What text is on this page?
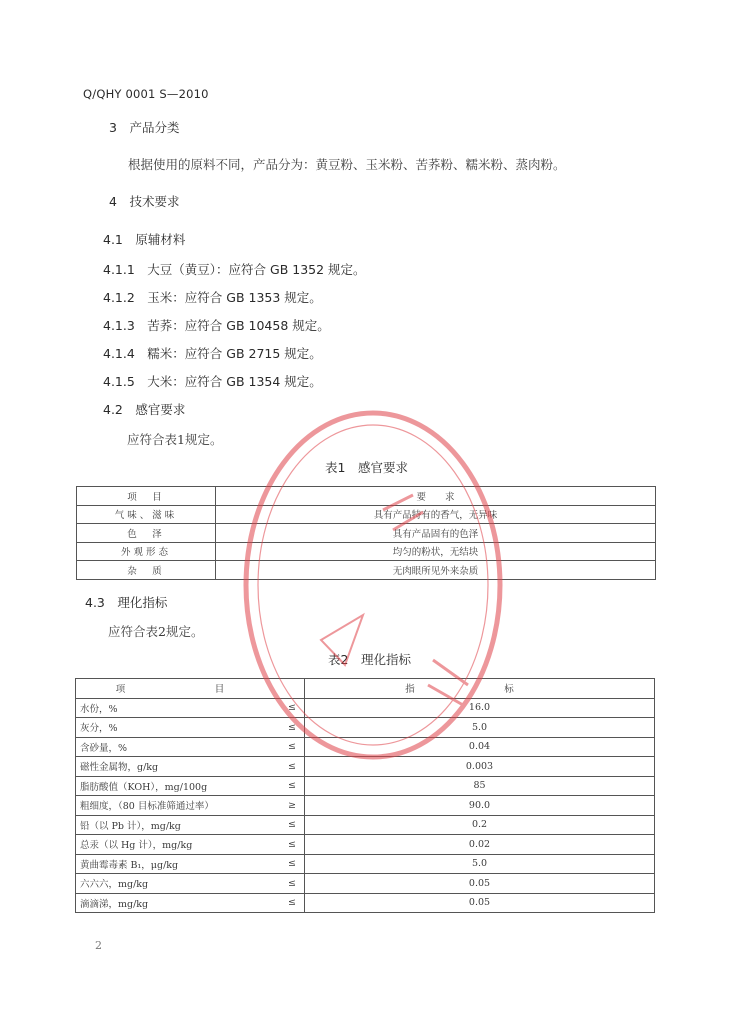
Q/QHY 0001 S—2010
3　产品分类
根据使用的原料不同，产品分为：黄豆粉、玉米粉、苦荞粉、糯米粉、蒸肉粉。
4　技术要求
4.1　原辅材料
4.1.1　大豆（黄豆）：应符合 GB 1352 规定。
4.1.2　玉米：应符合 GB 1353 规定。
4.1.3　苦荞：应符合 GB 10458 规定。
4.1.4　糯米：应符合 GB 2715 规定。
4.1.5　大米：应符合 GB 1354 规定。
4.2　感官要求
应符合表1规定。
表1　感官要求
项　目	要　　求
气味、滋味	具有产品特有的香气，无异味
色　泽	具有产品固有的色泽
外观形态	均匀的粉状，无结块
杂　质	无肉眼所见外来杂质
4.3　理化指标
应符合表2规定。
表2　理化指标
项　目		指　标
水份，%	≤	16.0
灰分，%	≤	5.0
含砂量，%	≤	0.04
磁性金属物，g/kg	≤	0.003
脂肪酸值（KOH），mg/100g	≤	85
粗细度，（80 目标准筛通过率）	≥	90.0
铅（以 Pb 计），mg/kg	≤	0.2
总汞（以 Hg 计），mg/kg	≤	0.02
黄曲霉毒素 B₁，μg/kg	≤	5.0
六六六，mg/kg	≤	0.05
滴滴涕，mg/kg	≤	0.05
2
